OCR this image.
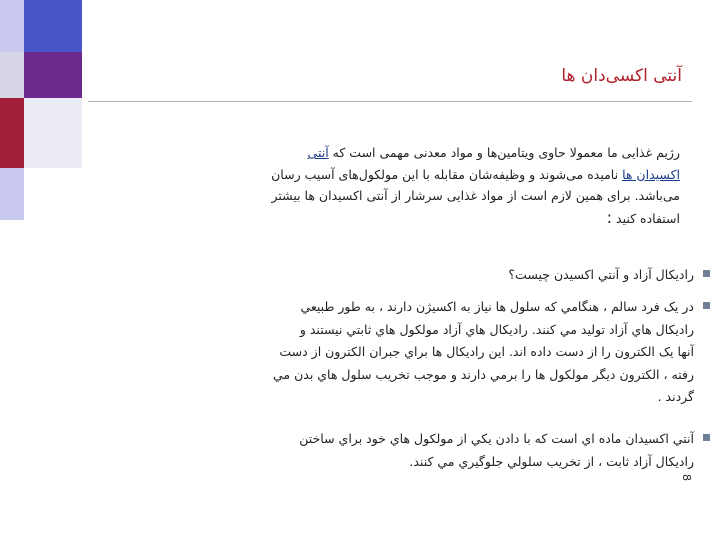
آنتی اکسی‌دان ها
رژیم غذایی ما معمولا حاوی ویتامین‌ها و مواد معدنی مهمی است که آنتی
اکسیدان ها نامیده می‌شوند و وظیفه‌شان مقابله با این مولکول‌های آسیب رسان
می‌باشد. برای همین لازم است از مواد غذایی سرشار از آنتی اکسیدان ها بیشتر
استفاده کنید :

رادیکال آزاد و آنتي اکسيدن چيست؟

در یک فرد سالم ، هنگامي که سلول ها نياز به اکسيژن دارند ، به طور طبيعي

راديکال هاي آزاد توليد مي کنند. رادیکال هاي آزاد مولکول هاي ثابتي نيستند و

آنها يک الکترون را از دست داده اند. اين راديکال ها براي جبران الکترون از دست

رفته ، الکترون ديگر مولکول ها را برمي دارند و موجب تخريب سلول هاي بدن مي

گردند .

آنتي اکسيدان ماده اي است که با دادن يکي از مولکول هاي خود براي ساختن

راديکال آزاد ثابت ، از تخريب سلولي جلوگيري مي کنند.

8
